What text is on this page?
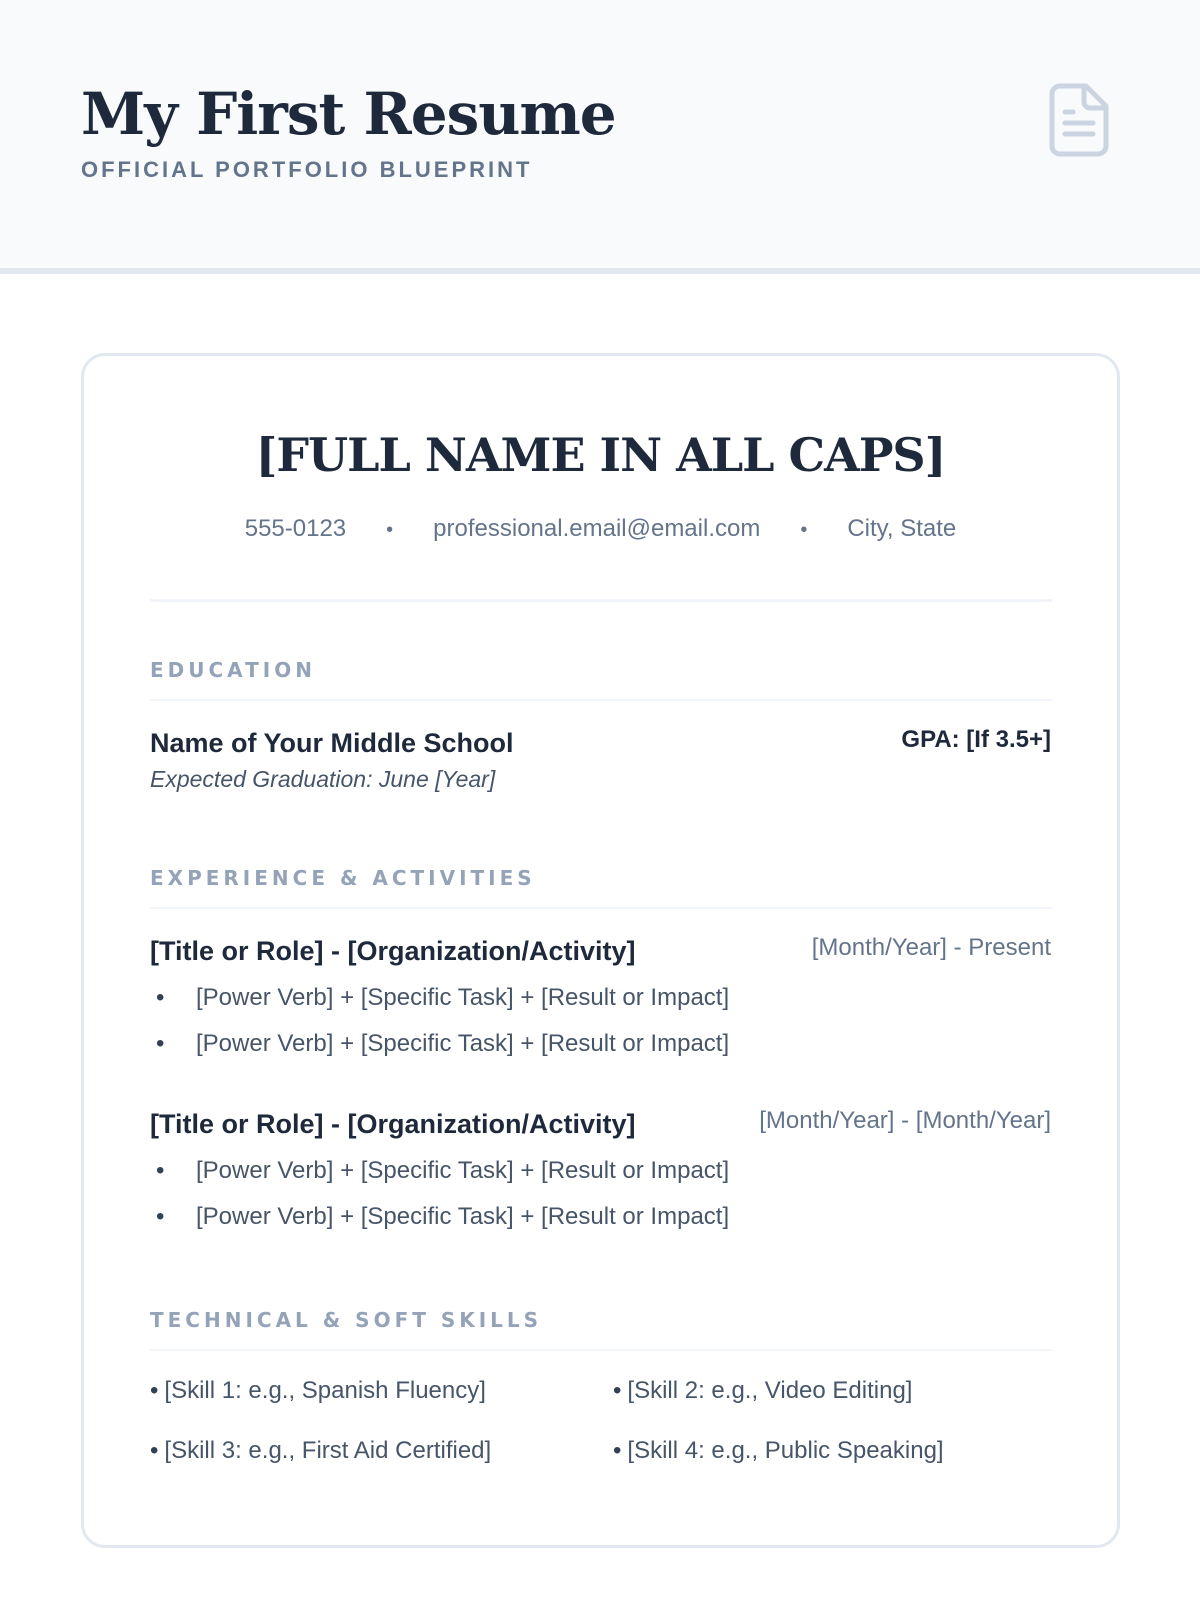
My First Resume
OFFICIAL PORTFOLIO BLUEPRINT
[FULL NAME IN ALL CAPS]
555-0123 • professional.email@email.com • City, State
EDUCATION
Name of Your Middle School	GPA: [If 3.5+]
Expected Graduation: June [Year]
EXPERIENCE & ACTIVITIES
[Title or Role] - [Organization/Activity]	[Month/Year] - Present
• [Power Verb] + [Specific Task] + [Result or Impact]
• [Power Verb] + [Specific Task] + [Result or Impact]
[Title or Role] - [Organization/Activity]	[Month/Year] - [Month/Year]
• [Power Verb] + [Specific Task] + [Result or Impact]
• [Power Verb] + [Specific Task] + [Result or Impact]
TECHNICAL & SOFT SKILLS
• [Skill 1: e.g., Spanish Fluency]	• [Skill 2: e.g., Video Editing]
• [Skill 3: e.g., First Aid Certified]	• [Skill 4: e.g., Public Speaking]
